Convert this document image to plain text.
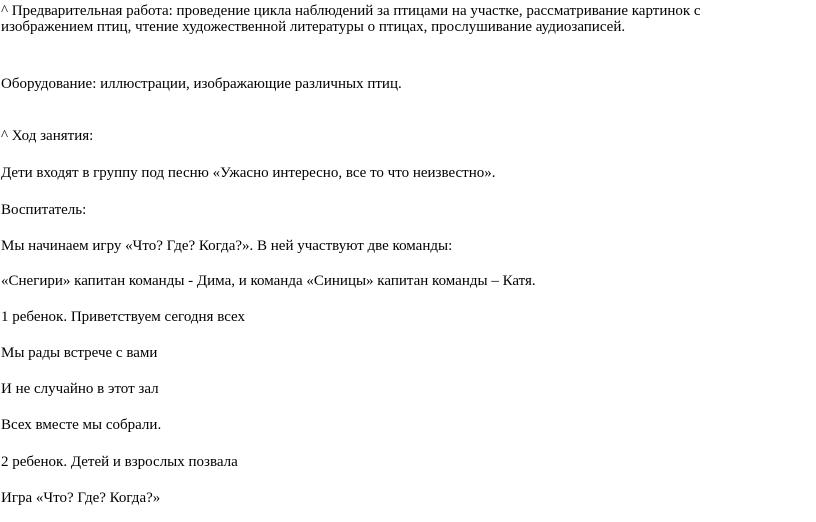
^ Предварительная работа: проведение цикла наблюдений за птицами на участке, рассматривание картинок с
изображением птиц, чтение художественной литературы о птицах, прослушивание аудиозаписей.
Оборудование: иллюстрации, изображающие различных птиц.
^ Ход занятия:
Дети входят в группу под песню «Ужасно интересно, все то что неизвестно».
Воспитатель:
Мы начинаем игру «Что? Где? Когда?». В ней участвуют две команды:
«Снегири» капитан команды - Дима, и команда «Синицы» капитан команды – Катя.
1 ребенок. Приветствуем сегодня всех
Мы рады встрече с вами
И не случайно в этот зал
Всех вместе мы собрали.
2 ребенок. Детей и взрослых позвала
Игра «Что? Где? Когда?»
